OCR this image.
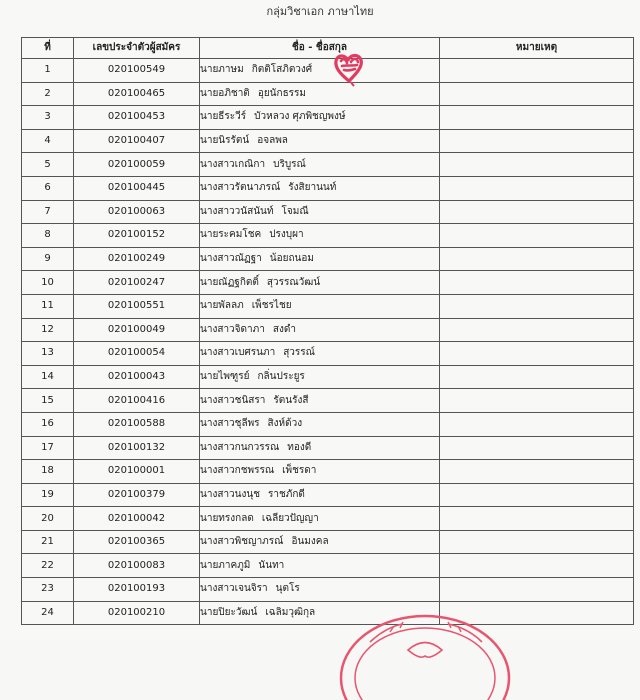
กลุ่มวิชาเอก ภาษาไทย
ที่	เลขประจำตัวผู้สมัคร	ชื่อ - ชื่อสกุล	หมายเหตุ
1	020100549	นายภาษม กิตติโสภิตวงศ์	
2	020100465	นายอภิชาติ อุยนักธรรม	
3	020100453	นายธีระวีร์ บัวหลวง ศุภพิชญพงษ์	
4	020100407	นายนิรรัตน์ อจลพล	
5	020100059	นางสาวเกณิกา บริบูรณ์	
6	020100445	นางสาวรัตนาภรณ์ รังสิยานนท์	
7	020100063	นางสาววนัสนันท์ โจมณี	
8	020100152	นายระคมโชค ปรงบุผา	
9	020100249	นางสาวณัฏฐา น้อยถนอม	
10	020100247	นายณัฏฐกิตติ์ สุวรรณวัฒน์	
11	020100551	นายพัลลภ เพ็ชรไชย	
12	020100049	นางสาวจิดาภา สงดำ	
13	020100054	นางสาวเบศรนภา สุวรรณ์	
14	020100043	นายไพฑูรย์ กลิ่นประยูร	
15	020100416	นางสาวชนิสรา รัตนรังสี	
16	020100588	นางสาวชุลีพร สิงห์ด้วง	
17	020100132	นางสาวกนกวรรณ ทองดี	
18	020100001	นางสาวกชพรรณ เพ็ชรดา	
19	020100379	นางสาวนงนุช ราชภักดี	
20	020100042	นายทรงกลด เฉลียวปัญญา	
21	020100365	นางสาวพิชญาภรณ์ อินมงคล	
22	020100083	นายภาคภูมิ นันทา	
23	020100193	นางสาวเจนจิรา นุตโร	
24	020100210	นายปิยะวัฒน์ เฉลิมวุฒิกุล	
